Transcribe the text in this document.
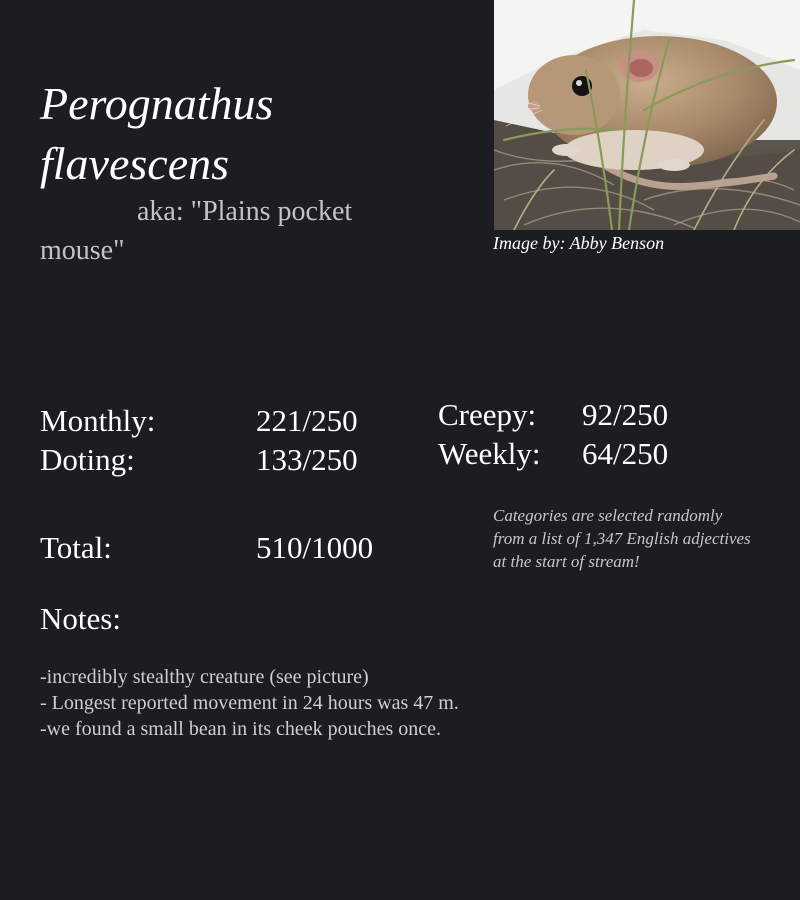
Perognathus flavescens
aka: "Plains pocket mouse"	Image by: Abby Benson
Monthly:	221/250
Doting:	133/250
Creepy: 92/250
Weekly: 64/250
Total:	510/1000
Categories are selected randomly from a list of 1,347 English adjectives at the start of stream!
Notes:
-incredibly stealthy creature (see picture)
- Longest reported movement in 24 hours was 47 m.
-we found a small bean in its cheek pouches once.
